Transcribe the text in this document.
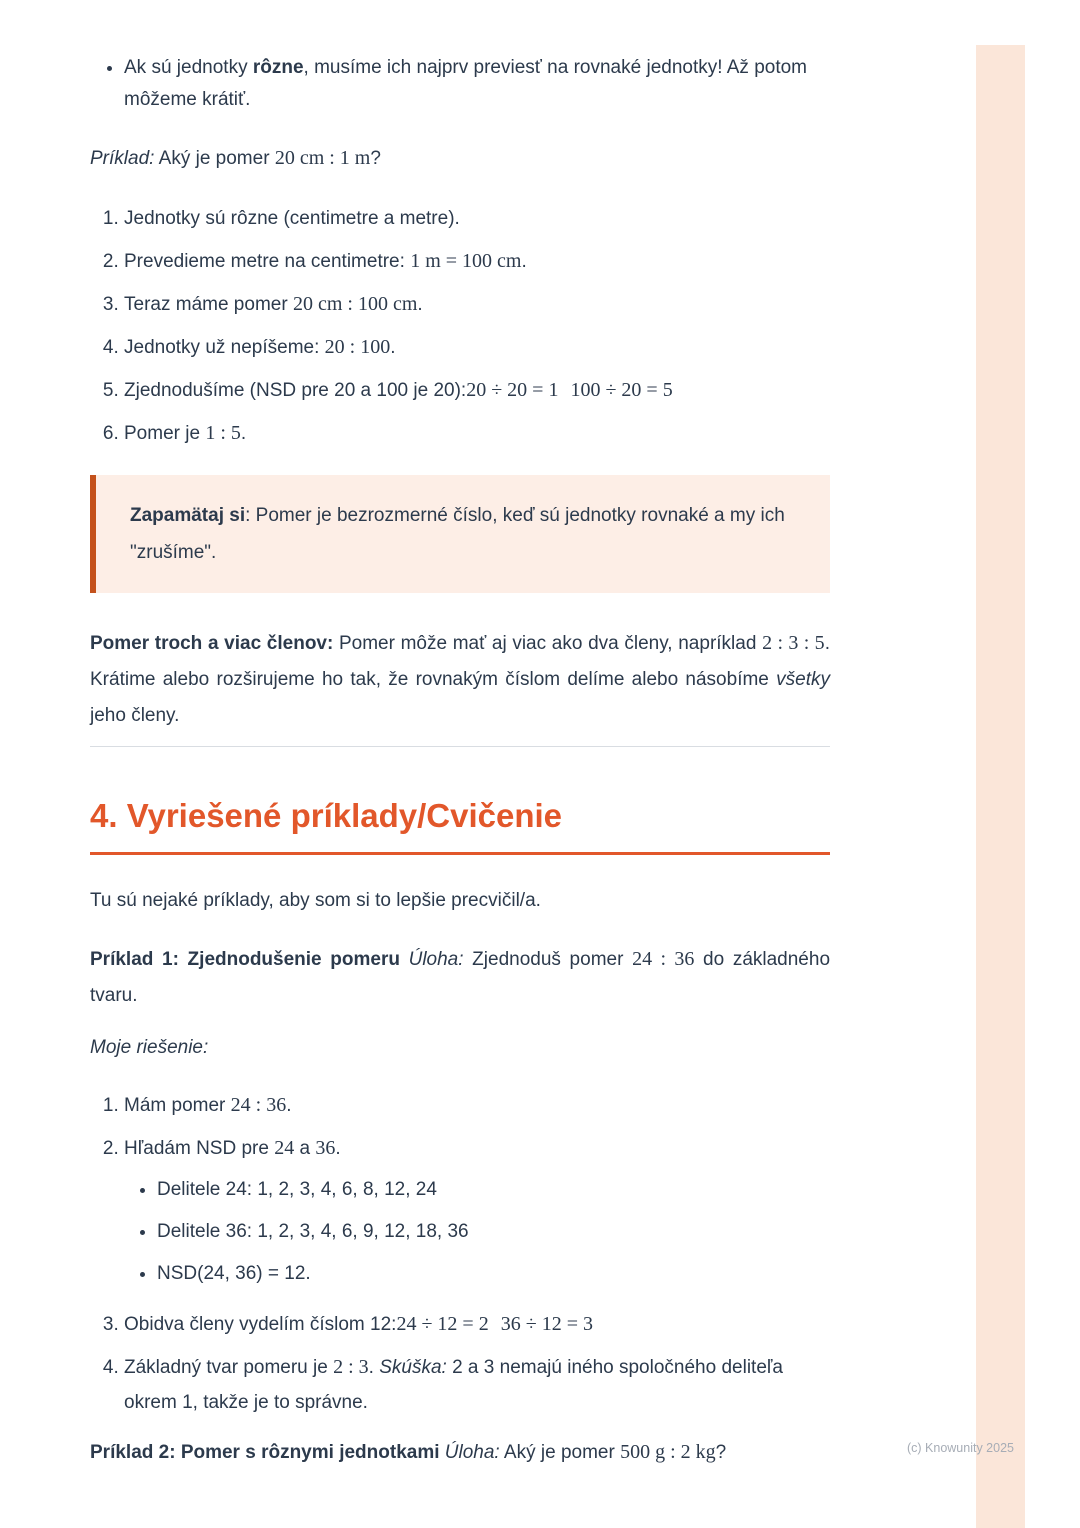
• Ak sú jednotky rôzne, musíme ich najprv previesť na rovnaké jednotky! Až potom môžeme krátiť.

Príklad: Aký je pomer 20 cm : 1 m?

1. Jednotky sú rôzne (centimetre a metre).
2. Prevedieme metre na centimetre: 1 m = 100 cm.
3. Teraz máme pomer 20 cm : 100 cm.
4. Jednotky už nepíšeme: 20 : 100.
5. Zjednodušíme (NSD pre 20 a 100 je 20):20 ÷ 20 = 1 100 ÷ 20 = 5
6. Pomer je 1 : 5.

Zapamätaj si: Pomer je bezrozmerné číslo, keď sú jednotky rovnaké a my ich "zrušíme".

Pomer troch a viac členov: Pomer môže mať aj viac ako dva členy, napríklad 2 : 3 : 5. Krátime alebo rozširujeme ho tak, že rovnakým číslom delíme alebo násobíme všetky jeho členy.

4. Vyriešené príklady/Cvičenie

Tu sú nejaké príklady, aby som si to lepšie precvičil/a.

Príklad 1: Zjednodušenie pomeru Úloha: Zjednoduš pomer 24 : 36 do základného tvaru.

Moje riešenie:

1. Mám pomer 24 : 36.
2. Hľadám NSD pre 24 a 36.
• Delitele 24: 1, 2, 3, 4, 6, 8, 12, 24
• Delitele 36: 1, 2, 3, 4, 6, 9, 12, 18, 36
• NSD(24, 36) = 12.
3. Obidva členy vydelím číslom 12:24 ÷ 12 = 2 36 ÷ 12 = 3
4. Základný tvar pomeru je 2 : 3. Skúška: 2 a 3 nemajú iného spoločného deliteľa okrem 1, takže je to správne.

Príklad 2: Pomer s rôznymi jednotkami Úloha: Aký je pomer 500 g : 2 kg?	(c) Knowunity 2025
